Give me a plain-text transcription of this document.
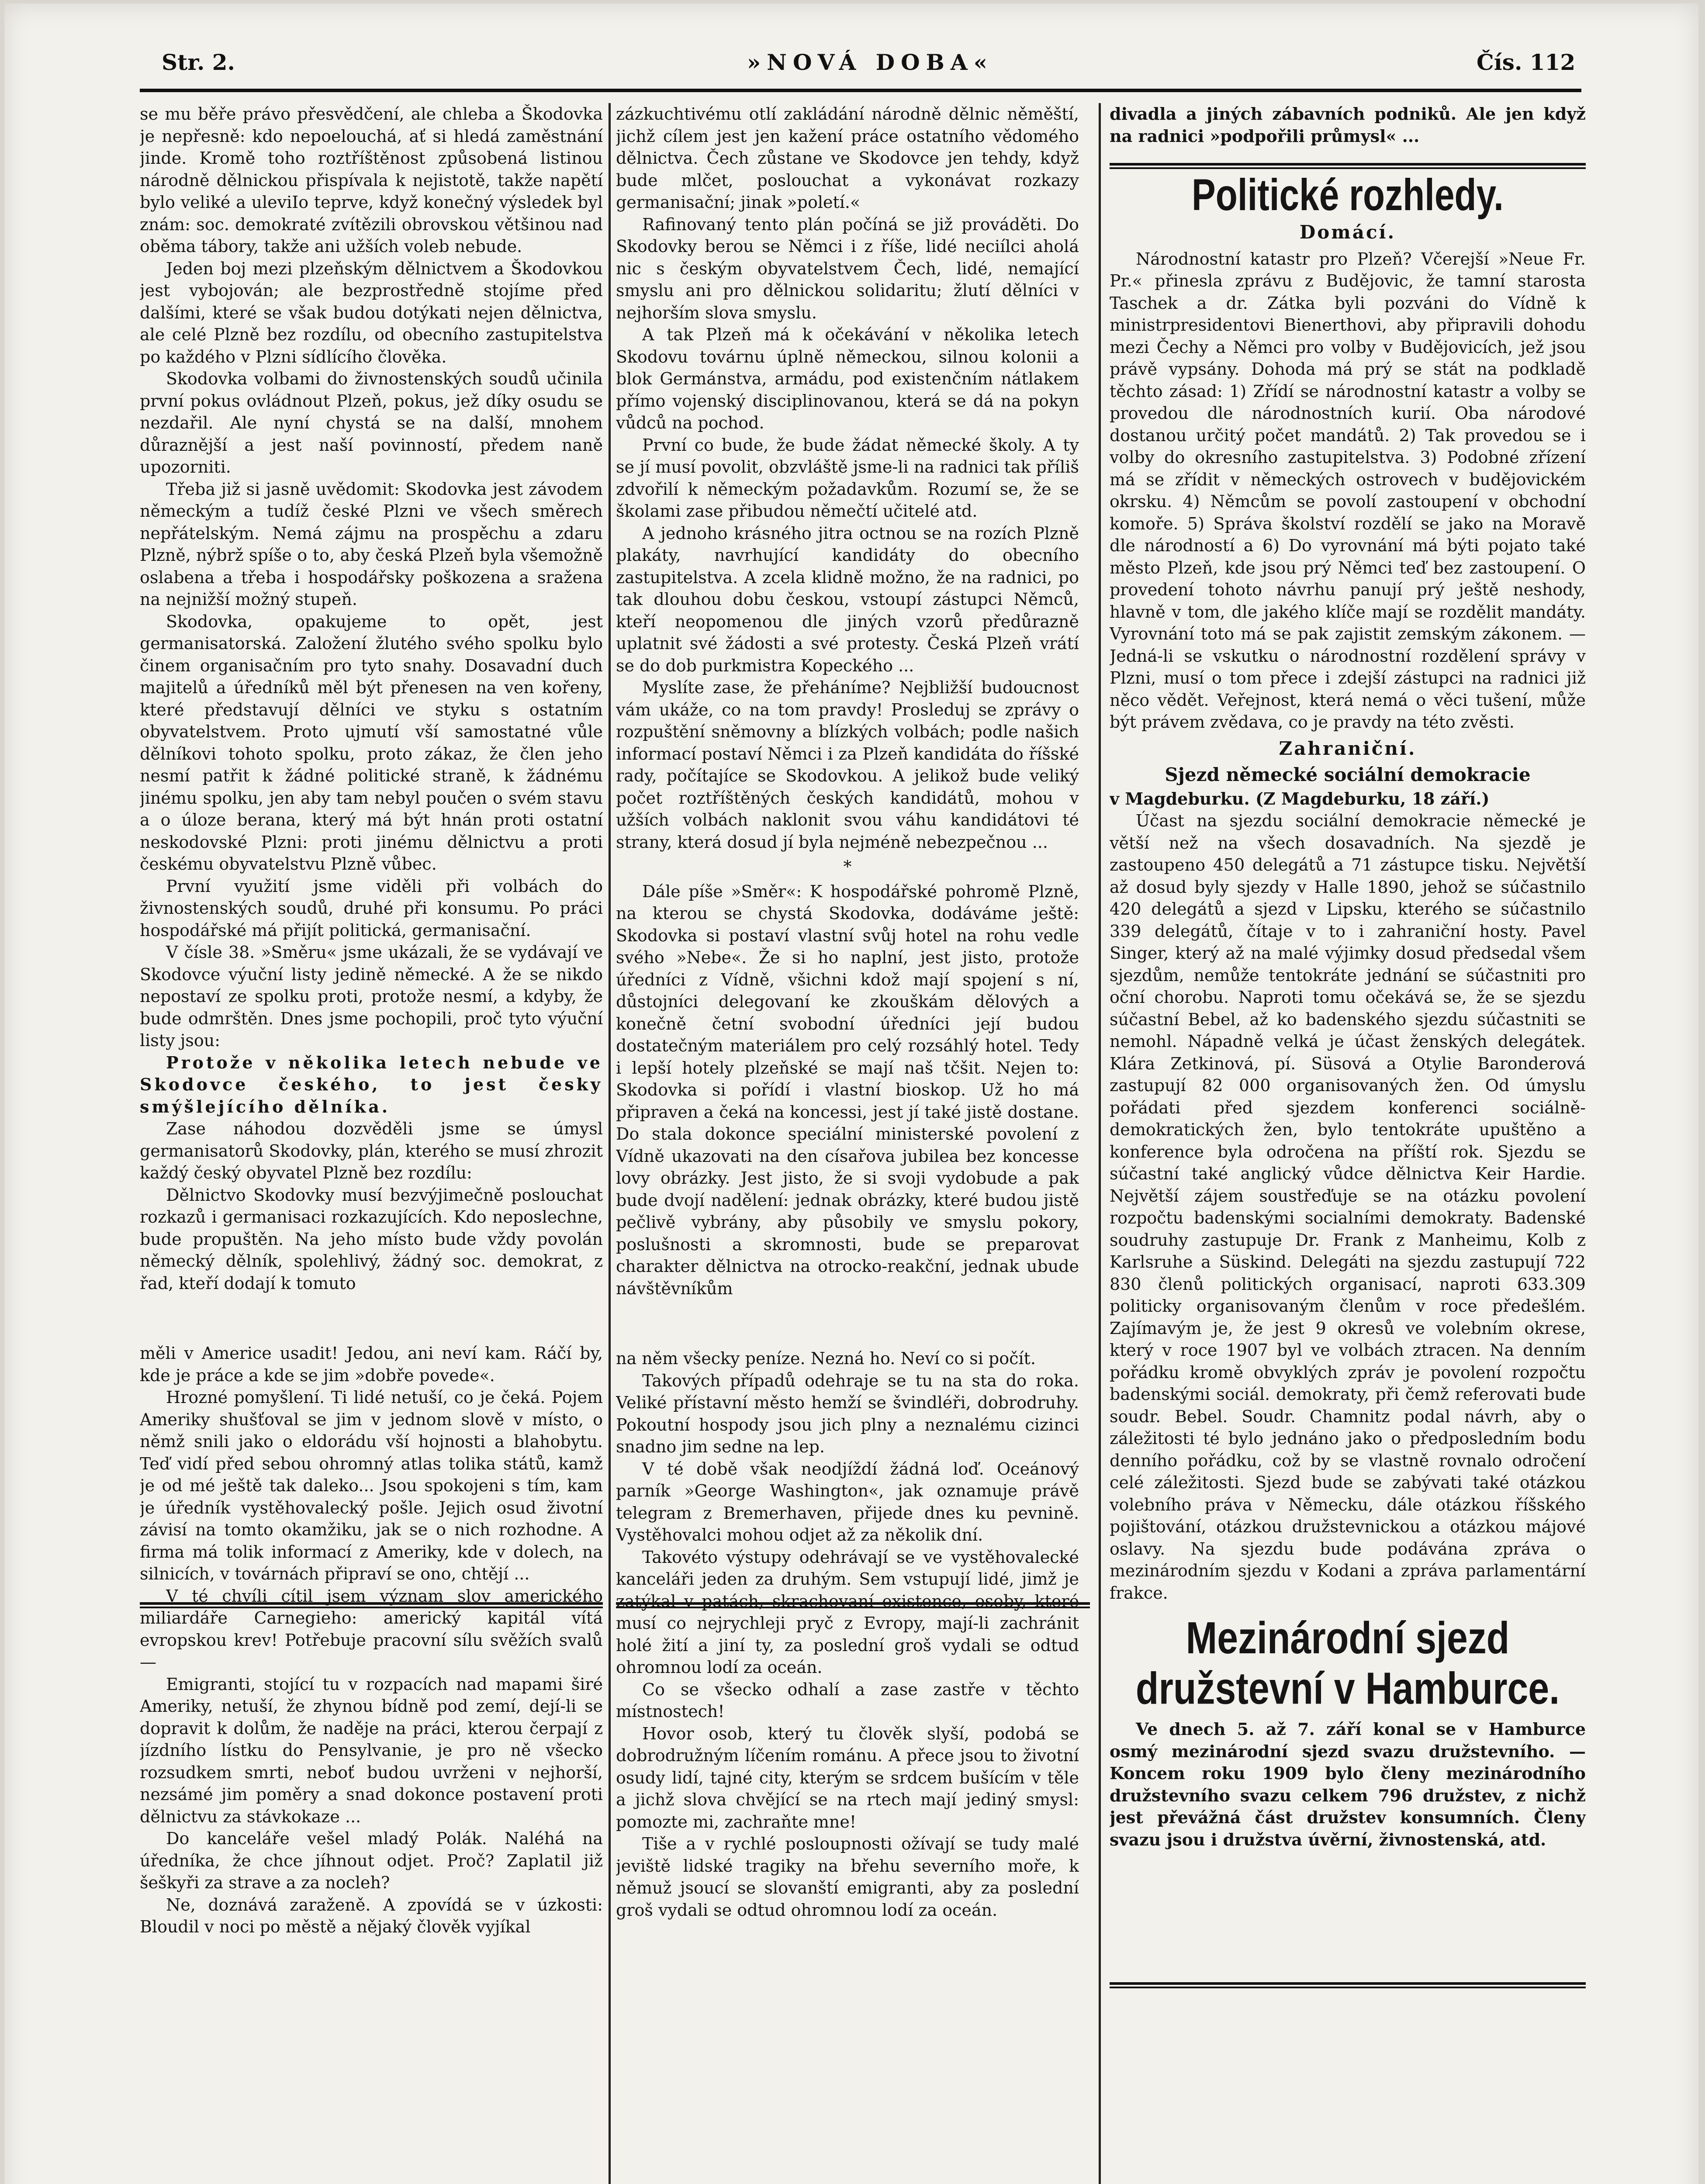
Str. 2.	»NOVÁ DOBA«	Čís. 112

se mu běře právo přesvědčení, ale chleba a Škodovka je nepřesně: kdo nepoelouchá, ať si hledá zaměstnání jinde. Kromě toho roztříštěnost způsobená listinou národně dělnickou přispívala k nejistotě, takže napětí bylo veliké a uleviIo teprve, když konečný výsledek byl znám: soc. demokraté zvítězili obrovskou většinou nad oběma tábory, takže ani užších voleb nebude.

Jeden boj mezi plzeňským dělnictvem a Škodovkou jest vybojován; ale bezprostředně stojíme před dalšími, které se však budou dotýkati nejen dělnictva, ale celé Plzně bez rozdílu, od obecního zastupitelstva po každého v Plzni sídlícího člověka.

Skodovka volbami do živnostenských soudů učinila první pokus ovládnout Plzeň, pokus, jež díky osudu se nezdařil. Ale nyní chystá se na další, mnohem důraznější a jest naší povinností, předem naně upozorniti.

Třeba již si jasně uvědomit: Skodovka jest závodem německým a tudíž české Plzni ve všech směrech nepřátelským. Nemá zájmu na prospěchu a zdaru Plzně, nýbrž spíše o to, aby česká Plzeň byla všemožně oslabena a třeba i hospodářsky poškozena a sražena na nejnižší možný stupeň.

Skodovka, opakujeme to opět, jest germanisatorská. Založení žlutého svého spolku bylo činem organisačním pro tyto snahy. Dosavadní duch majitelů a úředníků měl být přenesen na ven kořeny, které představují dělníci ve styku s ostatním obyvatelstvem. Proto ujmutí vší samostatné vůle dělníkovi tohoto spolku, proto zákaz, že člen jeho nesmí patřit k žádné politické straně, k žádnému jinému spolku, jen aby tam nebyl poučen o svém stavu a o úloze berana, který má být hnán proti ostatní neskodovské Plzni: proti jinému dělnictvu a proti českému obyvatelstvu Plzně vůbec.

První využití jsme viděli při volbách do živnostenských soudů, druhé při konsumu. Po práci hospodářské má přijít politická, germanisační.

V čísle 38. »Směru« jsme ukázali, že se vydávají ve Skodovce výuční listy jedině německé. A že se nikdo nepostaví ze spolku proti, protože nesmí, a kdyby, že bude odmrštěn. Dnes jsme pochopili, proč tyto výuční listy jsou:

Protože v několika letech nebude ve Skodovce českého, to jest česky smýšlejícího dělníka.

Zase náhodou dozvěděli jsme se úmysl germanisatorů Skodovky, plán, kterého se musí zhrozit každý český obyvatel Plzně bez rozdílu:

Dělnictvo Skodovky musí bezvýjimečně poslouchat rozkazů i germanisaci rozkazujících. Kdo neposlechne, bude propuštěn. Na jeho místo bude vždy povolán německý dělník, spolehlivý, žádný soc. demokrat, z řad, kteří dodají k tomuto

měli v Americe usadit! Jedou, ani neví kam. Ráčí by, kde je práce a kde se jim »dobře povede«.

Hrozné pomyšlení. Ti lidé netuší, co je čeká. Pojem Ameriky shušťoval se jim v jednom slově v místo, o němž snili jako o eldorádu vší hojnosti a blahobytu. Teď vidí před sebou ohromný atlas tolika států, kamž je od mé ještě tak daleko... Jsou spokojeni s tím, kam je úředník vystěhovalecký pošle. Jejich osud životní závisí na tomto okamžiku, jak se o nich rozhodne. A firma má tolik informací z Ameriky, kde v dolech, na silnicích, v továrnách připraví se ono, chtějí ...

V té chvíli cítil jsem význam slov amerického miliardáře Carnegieho: americký kapitál vítá evropskou krev! Potřebuje pracovní sílu svěžích svalů —

Emigranti, stojící tu v rozpacích nad mapami širé Ameriky, netuší, že zhynou bídně pod zemí, dejí-li se dopravit k dolům, že naděje na práci, kterou čerpají z jízdního lístku do Pensylvanie, je pro ně všecko rozsudkem smrti, neboť budou uvrženi v nejhorší, nezsámé jim poměry a snad dokonce postavení proti dělnictvu za stávkokaze ...

Do kanceláře vešel mladý Polák. Naléhá na úředníka, že chce jíhnout odjet. Proč? Zaplatil již šeškyři za strave a za nocleh?

Ne, doznává zaraženě. A zpovídá se v úzkosti: Bloudil v noci po městě a nějaký člověk vyjíkal

zázkuchtivému otlí zakládání národně dělnic něměští, jichž cílem jest jen kažení práce ostatního vědomého dělnictva. Čech zůstane ve Skodovce jen tehdy, když bude mlčet, poslouchat a vykonávat rozkazy germanisační; jinak »poletí.«

Rafinovaný tento plán počíná se již prováděti. Do Skodovky berou se Němci i z říše, lidé neciílci aholá nic s českým obyvatelstvem Čech, lidé, nemající smyslu ani pro dělnickou solidaritu; žlutí dělníci v nejhorším slova smyslu.

A tak Plzeň má k očekávání v několika letech Skodovu továrnu úplně německou, silnou kolonii a blok Germánstva, armádu, pod existenčním nátlakem přímo vojenský disciplinovanou, která se dá na pokyn vůdců na pochod.

První co bude, že bude žádat německé školy. A ty se jí musí povolit, obzvláště jsme-li na radnici tak příliš zdvořilí k německým požadavkům. Rozumí se, že se školami zase přibudou němečtí učitelé atd.

A jednoho krásného jitra octnou se na rozích Plzně plakáty, navrhující kandidáty do obecního zastupitelstva. A zcela klidně možno, že na radnici, po tak dlouhou dobu českou, vstoupí zástupci Němců, kteří neopomenou dle jiných vzorů předůrazně uplatnit své žádosti a své protesty. Česká Plzeň vrátí se do dob purkmistra Kopeckého ...

Myslíte zase, že přeháníme? Nejbližší budoucnost vám ukáže, co na tom pravdy! Prosleduj se zprávy o rozpuštění sněmovny a blízkých volbách; podle našich informací postaví Němci i za Plzeň kandidáta do říšské rady, počítajíce se Skodovkou. A jelikož bude veliký počet roztříštěných českých kandidátů, mohou v užších volbách naklonit svou váhu kandidátovi té strany, která dosud jí byla nejméně nebezpečnou ...

*

Dále píše »Směr«: K hospodářské pohromě Plzně, na kterou se chystá Skodovka, dodáváme ještě: Skodovka si postaví vlastní svůj hotel na rohu vedle svého »Nebe«. Že si ho naplní, jest jisto, protože úředníci z Vídně, všichni kdož mají spojení s ní, důstojníci delegovaní ke zkouškám dělových a konečně četní svobodní úředníci její budou dostatečným materiálem pro celý rozsáhlý hotel. Tedy i lepší hotely plzeňské se mají naš tčšit. Nejen to: Skodovka si pořídí i vlastní bioskop. Už ho má připraven a čeká na koncessi, jest jí také jistě dostane. Do stala dokonce speciální ministerské povolení z Vídně ukazovati na den císařova jubilea bez koncesse lovy obrázky. Jest jisto, že si svoji vydobude a pak bude dvojí nadělení: jednak obrázky, které budou jistě pečlivě vybrány, aby působily ve smyslu pokory, poslušnosti a skromnosti, bude se preparovat charakter dělnictva na otrocko-reakční, jednak ubude návštěvníkům

na něm všecky peníze. Nezná ho. Neví co si počít.

Takových případů odehraje se tu na sta do roka. Veliké přístavní město hemží se švindléři, dobrodruhy. Pokoutní hospody jsou jich plny a neznalému cizinci snadno jim sedne na lep.

V té době však neodjíždí žádná loď. Oceánový parník »George Washington«, jak oznamuje právě telegram z Bremerhaven, přijede dnes ku pevnině. Vystěhovalci mohou odjet až za několik dní.

Takovéto výstupy odehrávají se ve vystěhovalecké kanceláři jeden za druhým. Sem vstupují lidé, jimž je zatýkal v patách, skrachovaní existence, osoby, které musí co nejrychleji pryč z Evropy, mají-li zachránit holé žití a jiní ty, za poslední groš vydali se odtud ohromnou lodí za oceán.

Co se všecko odhalí a zase zastře v těchto místnostech!

Hovor osob, který tu člověk slyší, podobá se dobrodružným líčením románu. A přece jsou to životní osudy lidí, tajné city, kterým se srdcem bušícím v těle a jichž slova chvějící se na rtech mají jediný smysl: pomozte mi, zachraňte mne!

Tiše a v rychlé posloupnosti ožívají se tudy malé jeviště lidské tragiky na břehu severního moře, k němuž jsoucí se slovanští emigranti, aby za poslední groš vydali se odtud ohromnou lodí za oceán.

divadla a jiných zábavních podniků. Ale jen když na radnici »podpořili průmysl« ...

Politické rozhledy.
Domácí.

Národnostní katastr pro Plzeň? Včerejší »Neue Fr. Pr.« přinesla zprávu z Budějovic, že tamní starosta Taschek a dr. Zátka byli pozváni do Vídně k ministrpresidentovi Bienerthovi, aby připravili dohodu mezi Čechy a Němci pro volby v Budějovicích, jež jsou právě vypsány. Dohoda má prý se stát na podkladě těchto zásad: 1) Zřídí se národnostní katastr a volby se provedou dle národnostních kurií. Oba národové dostanou určitý počet mandátů. 2) Tak provedou se i volby do okresního zastupitelstva. 3) Podobné zřízení má se zřídit v německých ostrovech v budějovickém okrsku. 4) Němcům se povolí zastoupení v obchodní komoře. 5) Správa školství rozdělí se jako na Moravě dle národností a 6) Do vyrovnání má býti pojato také město Plzeň, kde jsou prý Němci teď bez zastoupení. O provedení tohoto návrhu panují prý ještě neshody, hlavně v tom, dle jakého klíče mají se rozdělit mandáty. Vyrovnání toto má se pak zajistit zemským zákonem. — Jedná-li se vskutku o národnostní rozdělení správy v Plzni, musí o tom přece i zdejší zástupci na radnici již něco vědět. Veřejnost, která nemá o věci tušení, může být právem zvědava, co je pravdy na této zvěsti.

Zahraniční.
Sjezd německé sociální demokracie

v Magdeburku. (Z Magdeburku, 18 září.)

Účast na sjezdu sociální demokracie německé je větší než na všech dosavadních. Na sjezdě je zastoupeno 450 delegátů a 71 zástupce tisku. Největší až dosud byly sjezdy v Halle 1890, jehož se súčastnilo 420 delegátů a sjezd v Lipsku, kterého se súčastnilo 339 delegátů, čítaje v to i zahraniční hosty. Pavel Singer, který až na malé výjimky dosud předsedal všem sjezdům, nemůže tentokráte jednání se súčastniti pro oční chorobu. Naproti tomu očekává se, že se sjezdu súčastní Bebel, až ko badenského sjezdu súčastniti se nemohl. Nápadně velká je účast ženských delegátek. Klára Zetkinová, pí. Süsová a Otylie Baronderová zastupují 82 000 organisovaných žen. Od úmyslu pořádati před sjezdem konferenci sociálně-demokratických žen, bylo tentokráte upuštěno a konference byla odročena na příští rok. Sjezdu se súčastní také anglický vůdce dělnictva Keir Hardie. Největší zájem soustřeďuje se na otázku povolení rozpočtu badenskými socialními demokraty. Badenské soudruhy zastupuje Dr. Frank z Manheimu, Kolb z Karlsruhe a Süskind. Delegáti na sjezdu zastupují 722 830 členů politických organisací, naproti 633.309 politicky organisovaným členům v roce předešlém. Zajímavým je, že jest 9 okresů ve volebním okrese, který v roce 1907 byl ve volbách ztracen. Na denním pořádku kromě obvyklých zpráv je povolení rozpočtu badenskými sociál. demokraty, při čemž referovati bude soudr. Bebel. Soudr. Chamnitz podal návrh, aby o záležitosti té bylo jednáno jako o předposledním bodu denního pořádku, což by se vlastně rovnalo odročení celé záležitosti. Sjezd bude se zabývati také otázkou volebního práva v Německu, dále otázkou říšského pojištování, otázkou družstevnickou a otázkou májové oslavy. Na sjezdu bude podávána zpráva o mezinárodním sjezdu v Kodani a zpráva parlamentární frakce.

Mezinárodní sjezd družstevní v Hamburce.

Ve dnech 5. až 7. září konal se v Hamburce osmý mezinárodní sjezd svazu družstevního. — Koncem roku 1909 bylo členy mezinárodního družstevního svazu celkem 796 družstev, z nichž jest převážná část družstev konsumních. Členy svazu jsou i družstva úvěrní, živnostenská, atd.
